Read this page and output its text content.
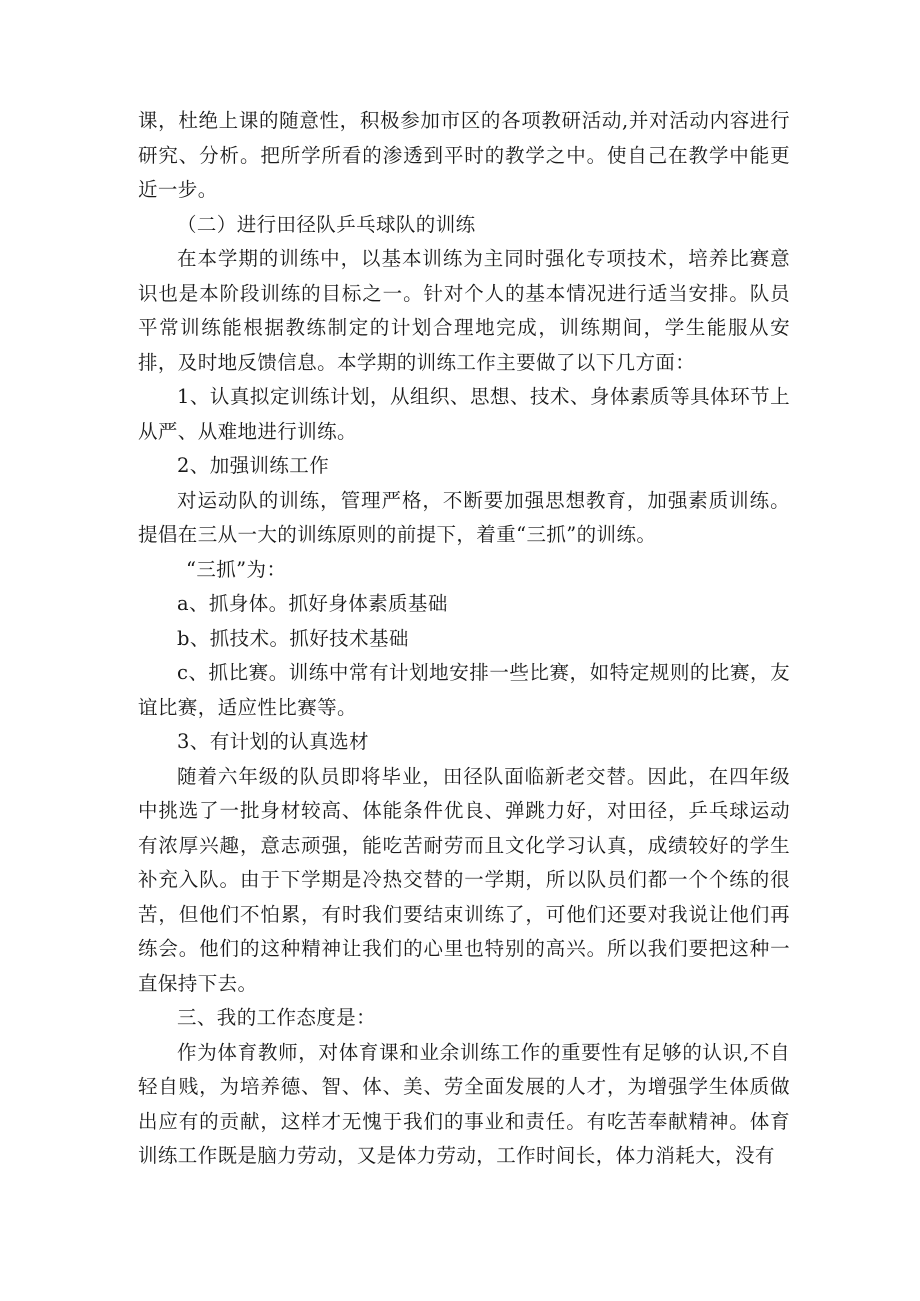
课，杜绝上课的随意性，积极参加市区的各项教研活动,并对活动内容进行研究、分析。把所学所看的渗透到平时的教学之中。使自己在教学中能更近一步。

（二）进行田径队乒乓球队的训练

在本学期的训练中，以基本训练为主同时强化专项技术，培养比赛意识也是本阶段训练的目标之一。针对个人的基本情况进行适当安排。队员平常训练能根据教练制定的计划合理地完成，训练期间，学生能服从安排，及时地反馈信息。本学期的训练工作主要做了以下几方面：

1、认真拟定训练计划，从组织、思想、技术、身体素质等具体环节上从严、从难地进行训练。

2、加强训练工作

对运动队的训练，管理严格，不断要加强思想教育，加强素质训练。提倡在三从一大的训练原则的前提下，着重“三抓”的训练。

“三抓”为：

a、抓身体。抓好身体素质基础

b、抓技术。抓好技术基础

c、抓比赛。训练中常有计划地安排一些比赛，如特定规则的比赛，友谊比赛，适应性比赛等。

3、有计划的认真选材

随着六年级的队员即将毕业，田径队面临新老交替。因此，在四年级中挑选了一批身材较高、体能条件优良、弹跳力好，对田径，乒乓球运动有浓厚兴趣，意志顽强，能吃苦耐劳而且文化学习认真，成绩较好的学生补充入队。由于下学期是冷热交替的一学期，所以队员们都一个个练的很苦，但他们不怕累，有时我们要结束训练了，可他们还要对我说让他们再练会。他们的这种精神让我们的心里也特别的高兴。所以我们要把这种一直保持下去。

三、我的工作态度是：

作为体育教师，对体育课和业余训练工作的重要性有足够的认识,不自轻自贱，为培养德、智、体、美、劳全面发展的人才，为增强学生体质做出应有的贡献，这样才无愧于我们的事业和责任。有吃苦奉献精神。体育训练工作既是脑力劳动，又是体力劳动，工作时间长，体力消耗大，没有
